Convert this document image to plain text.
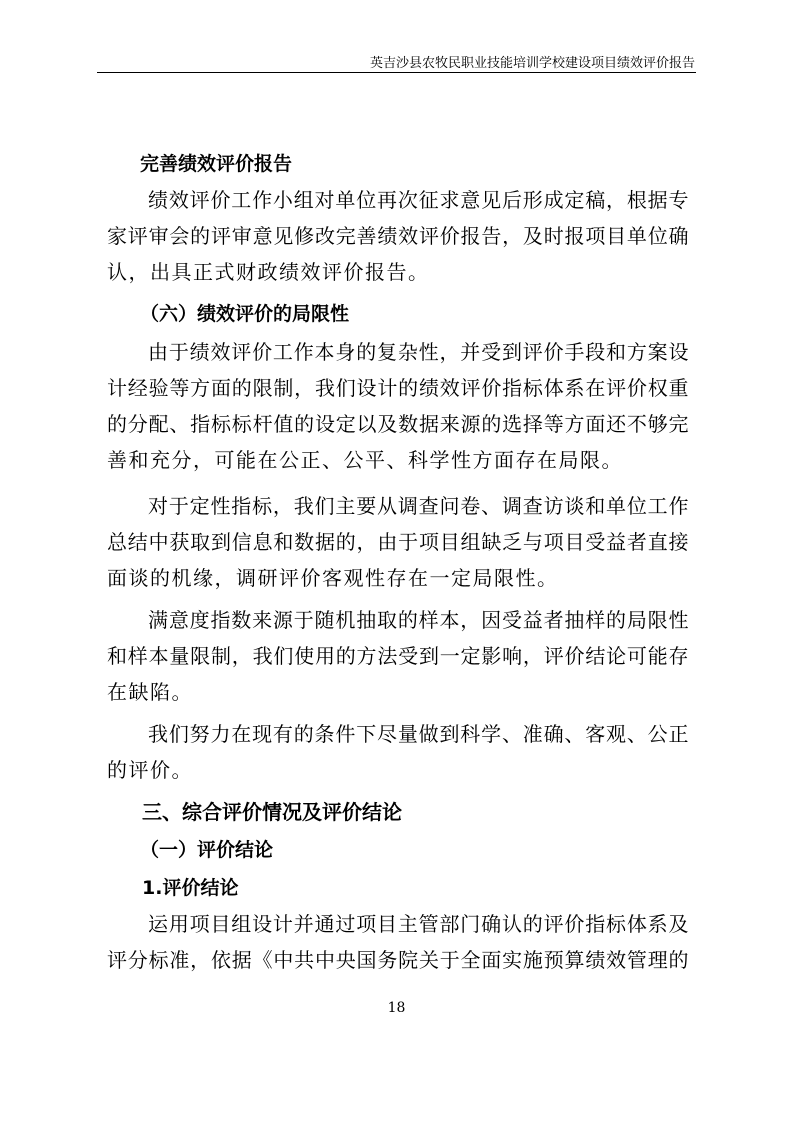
英吉沙县农牧民职业技能培训学校建设项目绩效评价报告
完善绩效评价报告
绩效评价工作小组对单位再次征求意见后形成定稿，根据专
家评审会的评审意见修改完善绩效评价报告，及时报项目单位确
认，出具正式财政绩效评价报告。
（六）绩效评价的局限性
由于绩效评价工作本身的复杂性，并受到评价手段和方案设
计经验等方面的限制，我们设计的绩效评价指标体系在评价权重
的分配、指标标杆值的设定以及数据来源的选择等方面还不够完
善和充分，可能在公正、公平、科学性方面存在局限。
对于定性指标，我们主要从调查问卷、调查访谈和单位工作
总结中获取到信息和数据的，由于项目组缺乏与项目受益者直接
面谈的机缘，调研评价客观性存在一定局限性。
满意度指数来源于随机抽取的样本，因受益者抽样的局限性
和样本量限制，我们使用的方法受到一定影响，评价结论可能存
在缺陷。
我们努力在现有的条件下尽量做到科学、准确、客观、公正
的评价。
三、综合评价情况及评价结论
（一）评价结论
1.评价结论
运用项目组设计并通过项目主管部门确认的评价指标体系及
评分标准，依据《中共中央国务院关于全面实施预算绩效管理的
18
